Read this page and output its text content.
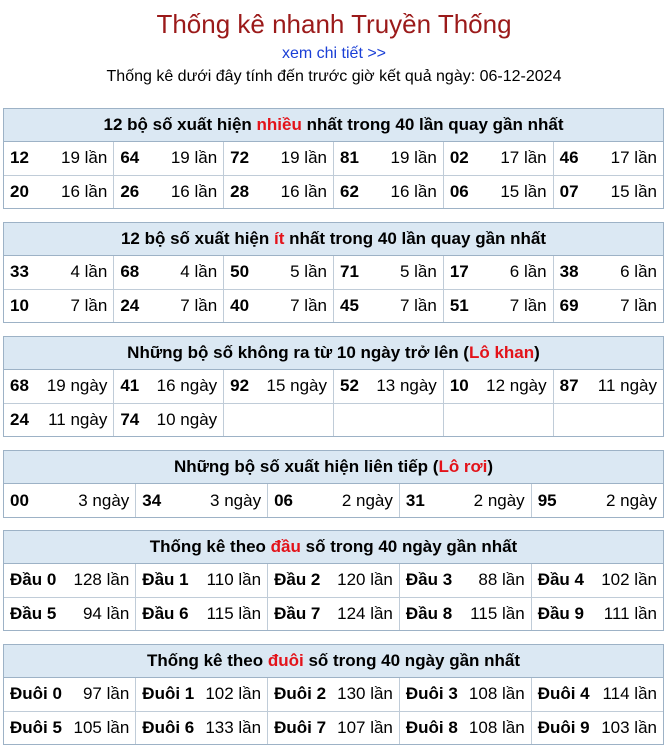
Thống kê nhanh Truyền Thống
xem chi tiết >>
Thống kê dưới đây tính đến trước giờ kết quả ngày: 06-12-2024
12 bộ số xuất hiện nhiều nhất trong 40 lần quay gần nhất
12 19 lần	64 19 lần	72 19 lần	81 19 lần	02 17 lần	46 17 lần

20 16 lần	26 16 lần	28 16 lần	62 16 lần	06 15 lần	07 15 lần
12 bộ số xuất hiện ít nhất trong 40 lần quay gần nhất
33 4 lần	68 4 lần	50 5 lần	71 5 lần	17 6 lần	38 6 lần

10 7 lần	24 7 lần	40 7 lần	45 7 lần	51 7 lần	69 7 lần
Những bộ số không ra từ 10 ngày trở lên (Lô khan)
68 19 ngày	41 16 ngày	92 15 ngày	52 13 ngày	10 12 ngày	87 11 ngày

24 11 ngày	74 10 ngày				

Những bộ số xuất hiện liên tiếp (Lô rơi)
00	3 ngày	34	3 ngày	06	2 ngày	31	2 ngày	95	2 ngày
Thống kê theo đầu số trong 40 ngày gần nhất
Đầu 0 128 lần	Đầu 1 110 lần	Đầu 2 120 lần	Đầu 3 88 lần	Đầu 4 102 lần

Đầu 5 94 lần	Đầu 6 115 lần	Đầu 7 124 lần	Đầu 8 115 lần	Đầu 9 111 lần
Thống kê theo đuôi số trong 40 ngày gần nhất
Đuôi 0 97 lần	Đuôi 1 102 lần	Đuôi 2 130 lần	Đuôi 3 108 lần	Đuôi 4 114 lần

Đuôi 5 105 lần	Đuôi 6 133 lần	Đuôi 7 107 lần	Đuôi 8 108 lần	Đuôi 9 103 lần
